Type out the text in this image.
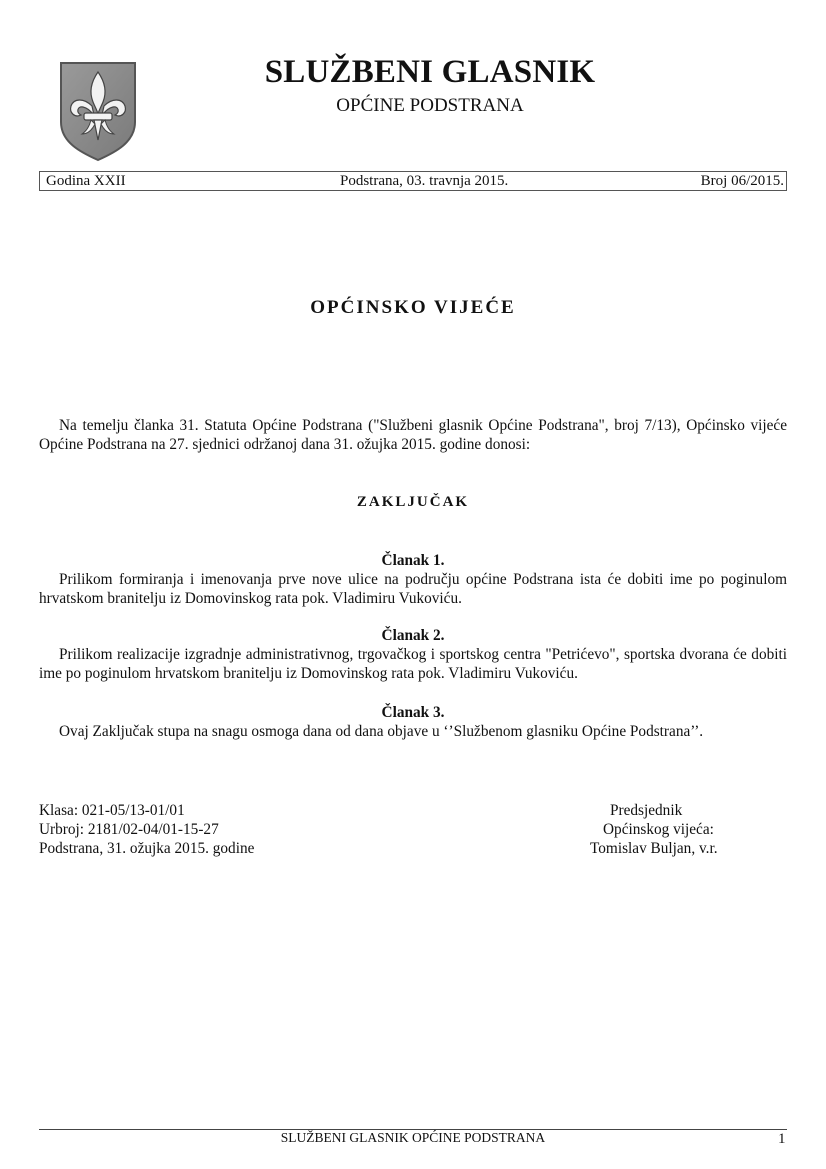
SLUŽBENI GLASNIK
OPĆINE PODSTRANA
Godina XXII	Podstrana, 03. travnja 2015.	Broj 06/2015.
OPĆINSKO VIJEĆE
Na temelju članka 31. Statuta Općine Podstrana ("Službeni glasnik Općine Podstrana", broj 7/13), Općinsko vijeće Općine Podstrana na 27. sjednici održanoj dana 31. ožujka 2015. godine donosi:
ZAKLJUČAK
Članak 1.
Prilikom formiranja i imenovanja prve nove ulice na području općine Podstrana ista će dobiti ime po poginulom hrvatskom branitelju iz Domovinskog rata pok. Vladimiru Vukoviću.
Članak 2.
Prilikom realizacije izgradnje administrativnog, trgovačkog i sportskog centra "Petrićevo", sportska dvorana će dobiti ime po poginulom hrvatskom branitelju iz Domovinskog rata pok. Vladimiru Vukoviću.
Članak 3.
Ovaj Zaključak stupa na snagu osmoga dana od dana objave u ‘’Službenom glasniku Općine Podstrana’’.
Klasa: 021-05/13-01/01
Urbroj: 2181/02-04/01-15-27
Podstrana, 31. ožujka 2015. godine
Predsjednik
Općinskog vijeća:
Tomislav Buljan, v.r.
SLUŽBENI GLASNIK OPĆINE PODSTRANA	1
